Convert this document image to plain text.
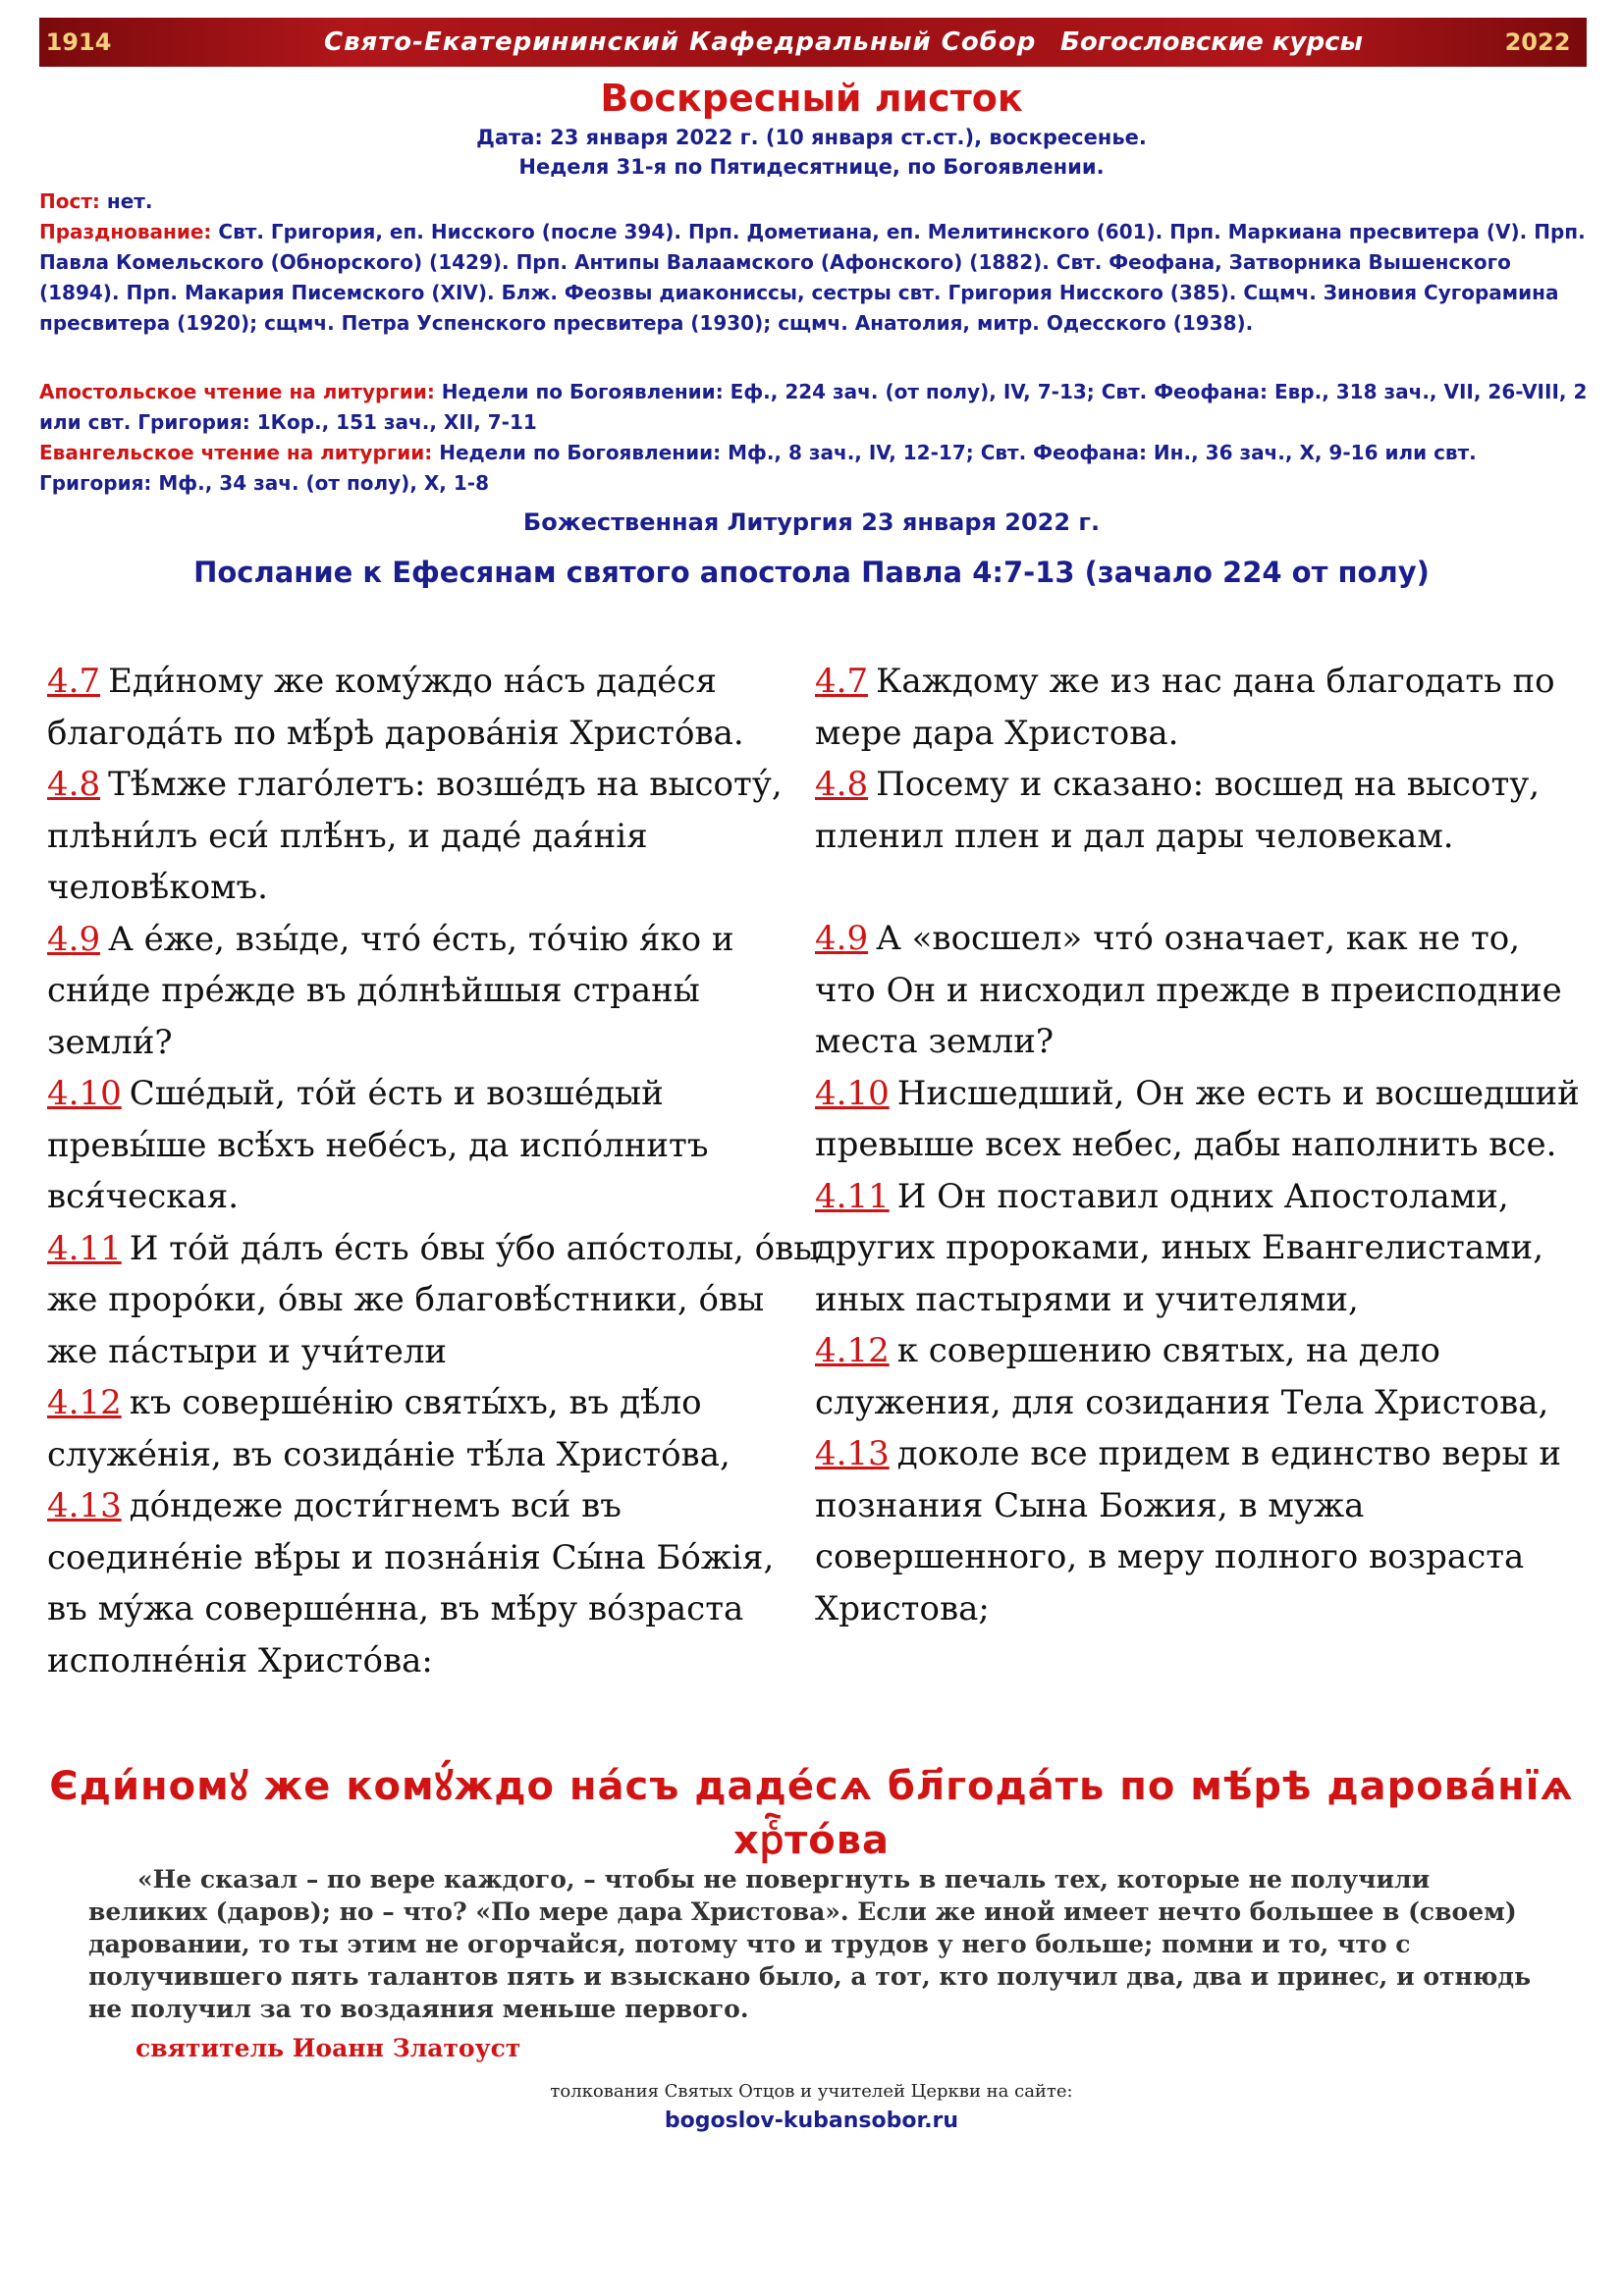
1914	Свято-Екатерининский Кафедральный Собор Богословские курсы	2022
Воскресный листок
Дата: 23 января 2022 г. (10 января ст.ст.), воскресенье.
Неделя 31-я по Пятидесятнице, по Богоявлении.
Пост: нет.
Празднование: Свт. Григория, еп. Нисского (после 394). Прп. Дометиана, еп. Мелитинского (601). Прп. Маркиана пресвитера (V). Прп. Павла Комельского (Обнорского) (1429). Прп. Антипы Валаамского (Афонского) (1882). Свт. Феофана, Затворника Вышенского (1894). Прп. Макария Писемского (XIV). Блж. Феозвы диакониссы, сестры свт. Григория Нисского (385). Сщмч. Зиновия Сугорамина пресвитера (1920); сщмч. Петра Успенского пресвитера (1930); сщмч. Анатолия, митр. Одесского (1938).
Апостольское чтение на литургии: Недели по Богоявлении: Еф., 224 зач. (от полу), IV, 7-13; Свт. Феофана: Евр., 318 зач., VII, 26-VIII, 2 или свт. Григория: 1Кор., 151 зач., XII, 7-11
Евангельское чтение на литургии: Недели по Богоявлении: Мф., 8 зач., IV, 12-17; Свт. Феофана: Ин., 36 зач., X, 9-16 или свт. Григория: Мф., 34 зач. (от полу), X, 1-8
Божественная Литургия 23 января 2022 г.
Послание к Ефесянам святого апостола Павла 4:7-13 (зачало 224 от полу)

4.7 Еди́ному же кому́ждо на́съ даде́ся благода́ть по мѣ́рѣ дарова́нія Христо́ва.

4.8 Тѣ́мже глаго́летъ: возше́дъ на высоту́, плѣни́лъ еси́ плѣ́нъ, и даде́ дая́нія человѣ́комъ.

4.9 А е́же, взы́де, что́ е́сть, то́чію я́ко и сни́де пре́жде въ до́лнѣйшыя страны́ земли́?

4.10 Сше́дый, то́й е́сть и возше́дый превы́ше всѣ́хъ небе́съ, да испо́лнитъ вся́ческая.

4.11 И то́й да́лъ е́сть о́вы у́бо апо́стoлы, о́вы же проро́ки, о́вы же благовѣ́стники, о́вы же па́стыри и учи́тели

4.12 къ соверше́нію святы́хъ, въ дѣ́ло служе́нія, въ созида́ніе тѣ́ла Христо́ва,

4.13 до́ндеже дости́гнемъ вси́ въ соедине́ніе вѣ́ры и позна́нія Сы́на Бо́жія, въ му́жа соверше́нна, въ мѣ́ру во́зраста исполне́нія Христо́ва:

4.7 Каждому же из нас дана благодать по мере дара Христова.

4.8 Посему и сказано: восшед на высоту, пленил плен и дал дары человекам.

4.9 А «восшел» что́ означает, как не то, что Он и нисходил прежде в преисподние места земли?

4.10 Нисшедший, Он же есть и восшедший превыше всех небес, дабы наполнить все.

4.11 И Он поставил одних Апостолами, других пророками, иных Евангелистами, иных пастырями и учителями,

4.12 к совершению святых, на дело служения, для созидания Тела Христова,

4.13 доколе все придем в единство веры и познания Сына Божия, в мужа совершенного, в меру полного возраста Христова;

Єди́номꙋ же комꙋ́ждо на́съ даде́сѧ бл҃года́ть по мѣ́рѣ дарова́нїѧ хрⷭ҇то́ва
«Не сказал – по вере каждого, – чтобы не повергнуть в печаль тех, которые не получили великих (даров); но – что? «По мере дара Христова». Если же иной имеет нечто большее в (своем) даровании, то ты этим не огорчайся, потому что и трудов у него больше; помни и то, что с получившего пять талантов пять и взыскано было, а тот, кто получил два, два и принес, и отнюдь не получил за то воздаяния меньше первого.
святитель Иоанн Златоуст
толкования Святых Отцов и учителей Церкви на сайте:
bogoslov-kubansobor.ru
